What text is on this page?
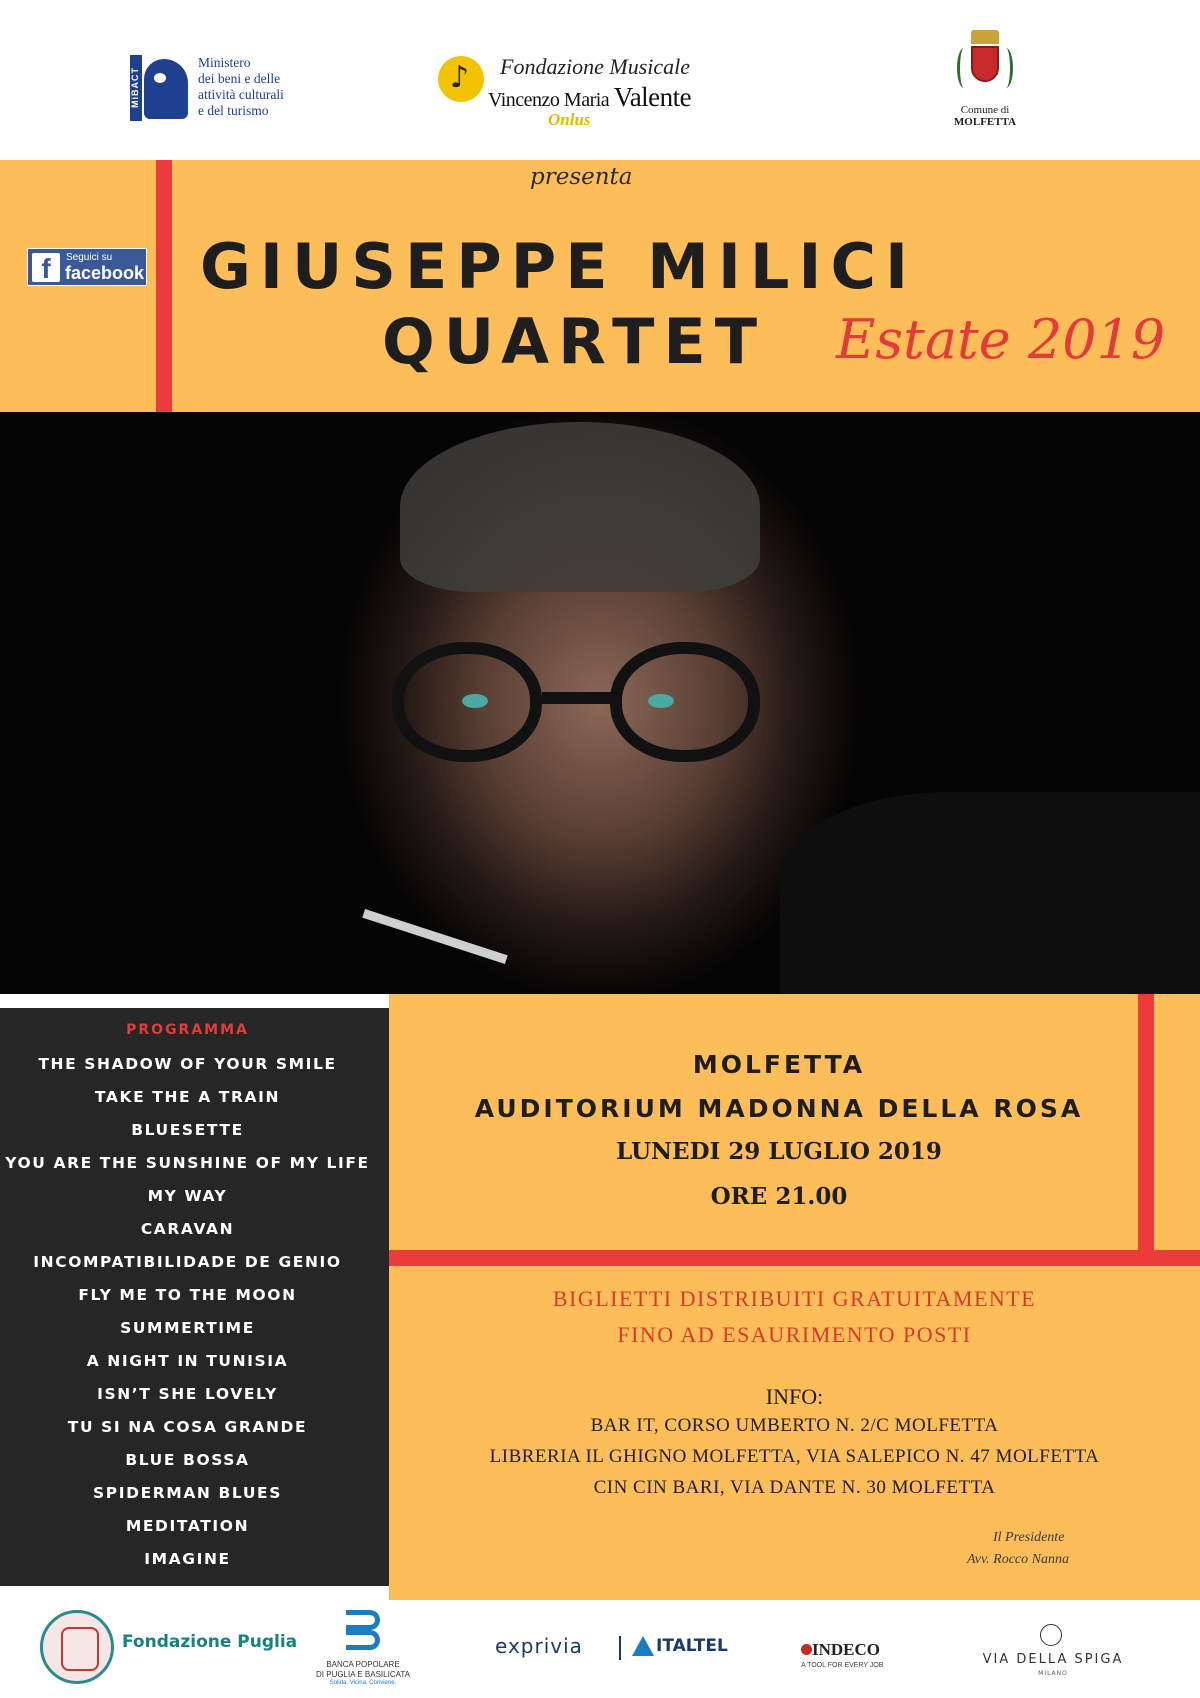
MiBACT
Ministero
dei beni e delle
attività culturali
e del turismo
♪
Fondazione Musicale
Vincenzo Maria Valente
Onlus	Comune di
MOLFETTA
presenta
f	Seguici su
facebook GIUSEPPE MILICI
QUARTET Estate 2019
MOLFETTA
AUDITORIUM MADONNA DELLA ROSA
LUNEDI 29 LUGLIO 2019
ORE 21.00
BIGLIETTI DISTRIBUITI GRATUITAMENTE
FINO AD ESAURIMENTO POSTI
INFO:
BAR IT, CORSO UMBERTO N. 2/C MOLFETTA
LIBRERIA IL GHIGNO MOLFETTA, VIA SALEPICO N. 47 MOLFETTA
CIN CIN BARI, VIA DANTE N. 30 MOLFETTA
Il Presidente
Avv. Rocco Nanna
PROGRAMMA
THE SHADOW OF YOUR SMILE
TAKE THE A TRAIN
BLUESETTE
YOU ARE THE SUNSHINE OF MY LIFE
MY WAY
CARAVAN
INCOMPATIBILIDADE DE GENIO
FLY ME TO THE MOON
SUMMERTIME
A NIGHT IN TUNISIA
ISN’T SHE LOVELY
TU SI NA COSA GRANDE
BLUE BOSSA
SPIDERMAN BLUES
MEDITATION
IMAGINE
Fondazione Puglia
BANCA POPOLARE
DI PUGLIA E BASILICATA
Solida. Vicina. Conviene.
exprivia	ITALTEL	INDECO
A TOOL FOR EVERY JOB	VIA DELLA SPIGA
MILANO
